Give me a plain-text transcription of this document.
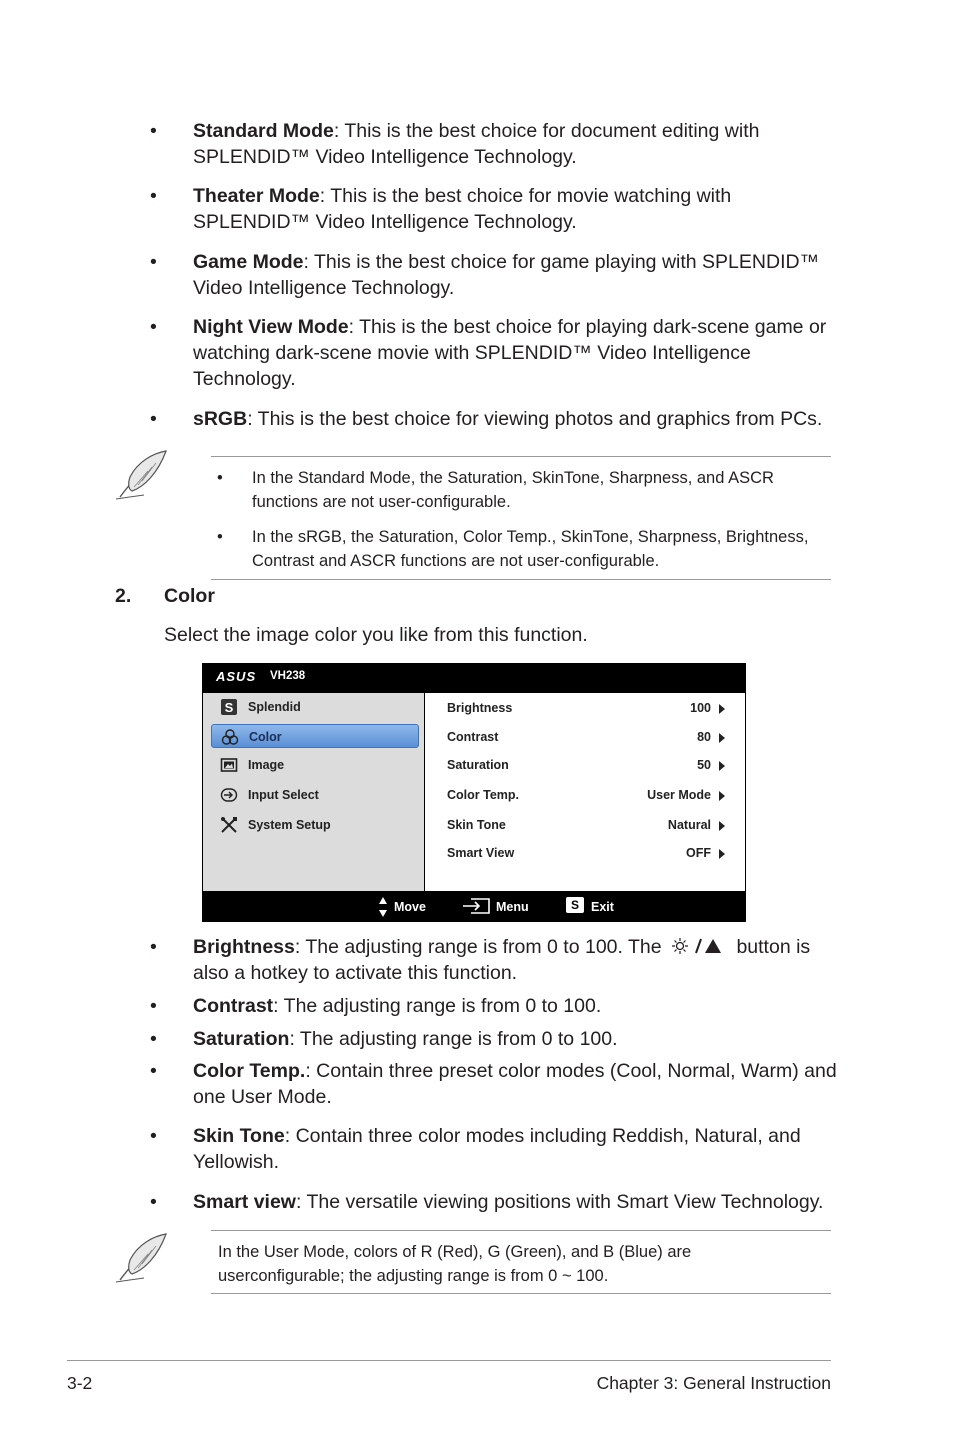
•	Standard Mode: This is the best choice for document editing with SPLENDID™ Video Intelligence Technology.
•	Theater Mode: This is the best choice for movie watching with SPLENDID™ Video Intelligence Technology.
•	Game Mode: This is the best choice for game playing with SPLENDID™ Video Intelligence Technology.
•	Night View Mode: This is the best choice for playing dark-scene game or watching dark-scene movie with SPLENDID™ Video Intelligence Technology.
•	sRGB: This is the best choice for viewing photos and graphics from PCs.
• In the Standard Mode, the Saturation, SkinTone, Sharpness, and ASCR functions are not user-configurable.
• In the sRGB, the Saturation, Color Temp., SkinTone, Sharpness, Brightness, Contrast and ASCR functions are not user-configurable.
2. Color
Select the image color you like from this function.
ASUS VH238
S Splendid
Color
Image
Input Select
System Setup
Brightness	100
Contrast	80
Saturation	50
Color Temp.	User Mode
Skin Tone	Natural
Smart View	OFF
Move	Menu	S Exit
•	Brightness: The adjusting range is from 0 to 100. The	button is also a hotkey to activate this function.
•	Contrast: The adjusting range is from 0 to 100.
•	Saturation: The adjusting range is from 0 to 100.
•	Color Temp.: Contain three preset color modes (Cool, Normal, Warm) and one User Mode.
•	Skin Tone: Contain three color modes including Reddish, Natural, and Yellowish.
•	Smart view: The versatile viewing positions with Smart View Technology.
In the User Mode, colors of R (Red), G (Green), and B (Blue) are userconfigurable; the adjusting range is from 0 ~ 100.
3-2	Chapter 3: General Instruction
